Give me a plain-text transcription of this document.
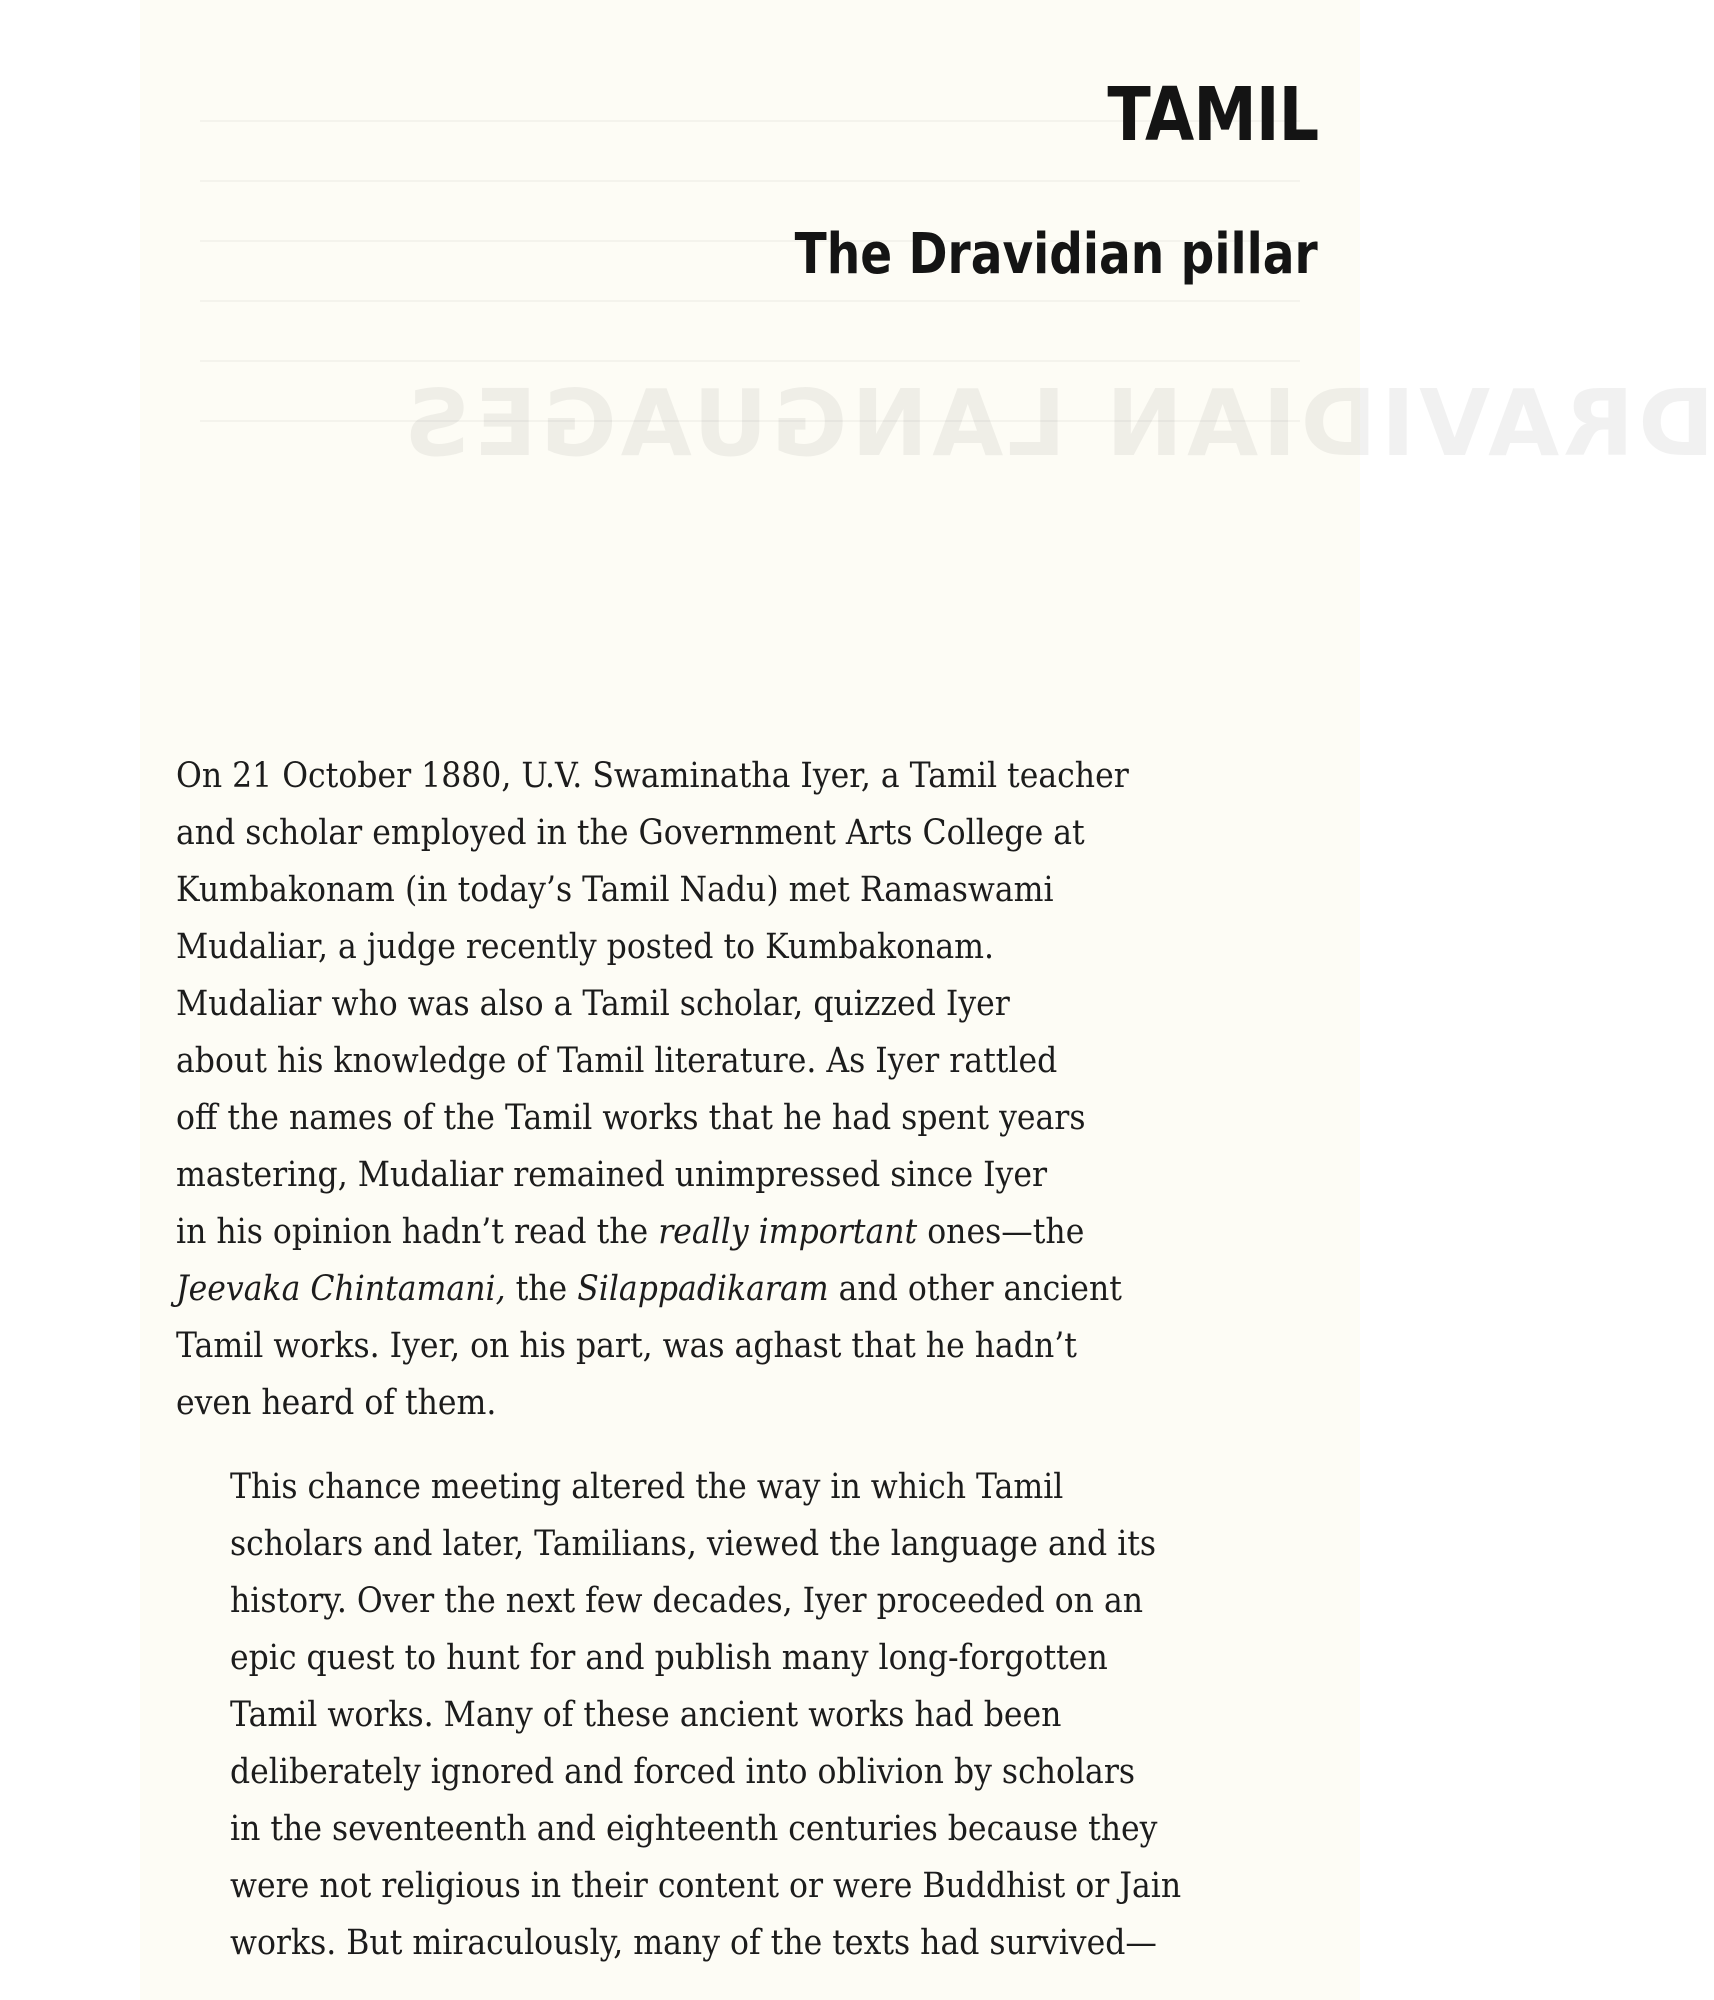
DRAVIDIAN LANGUAGES
TAMIL
The Dravidian pillar

On 21 October 1880, U.V. Swaminatha Iyer, a Tamil teacher
and scholar employed in the Government Arts College at
Kumbakonam (in today’s Tamil Nadu) met Ramaswami
Mudaliar, a judge recently posted to Kumbakonam.
Mudaliar who was also a Tamil scholar, quizzed Iyer
about his knowledge of Tamil literature. As Iyer rattled
off the names of the Tamil works that he had spent years
mastering, Mudaliar remained unimpressed since Iyer
in his opinion hadn’t read the really important ones—the
Jeevaka Chintamani, the Silappadikaram and other ancient
Tamil works. Iyer, on his part, was aghast that he hadn’t
even heard of them.

This chance meeting altered the way in which Tamil
scholars and later, Tamilians, viewed the language and its
history. Over the next few decades, Iyer proceeded on an
epic quest to hunt for and publish many long-forgotten
Tamil works. Many of these ancient works had been
deliberately ignored and forced into oblivion by scholars
in the seventeenth and eighteenth centuries because they
were not religious in their content or were Buddhist or Jain
works. But miraculously, many of the texts had survived—
